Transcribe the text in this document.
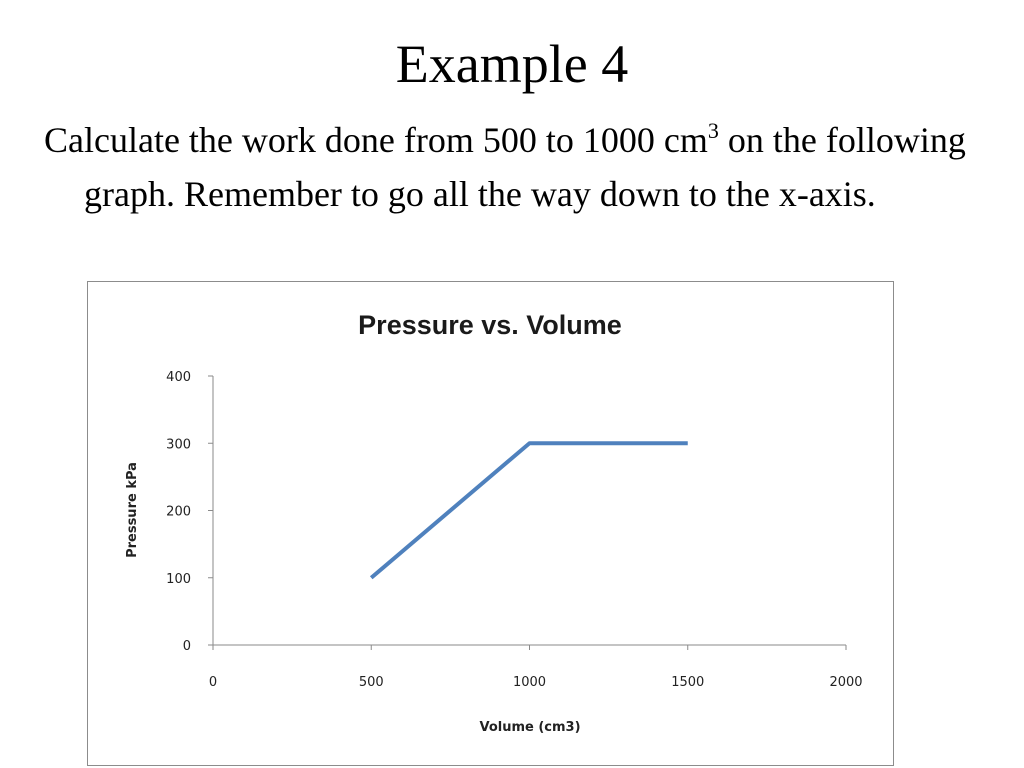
Example 4
Calculate the work done from 500 to 1000 $cm^3$ on the following graph. Remember to go all the way down to the x-axis.
Pressure vs. Volume
0
100
200
300
400
0	500	1000	1500	2000
Volume (cm3)
Pressure kPa
